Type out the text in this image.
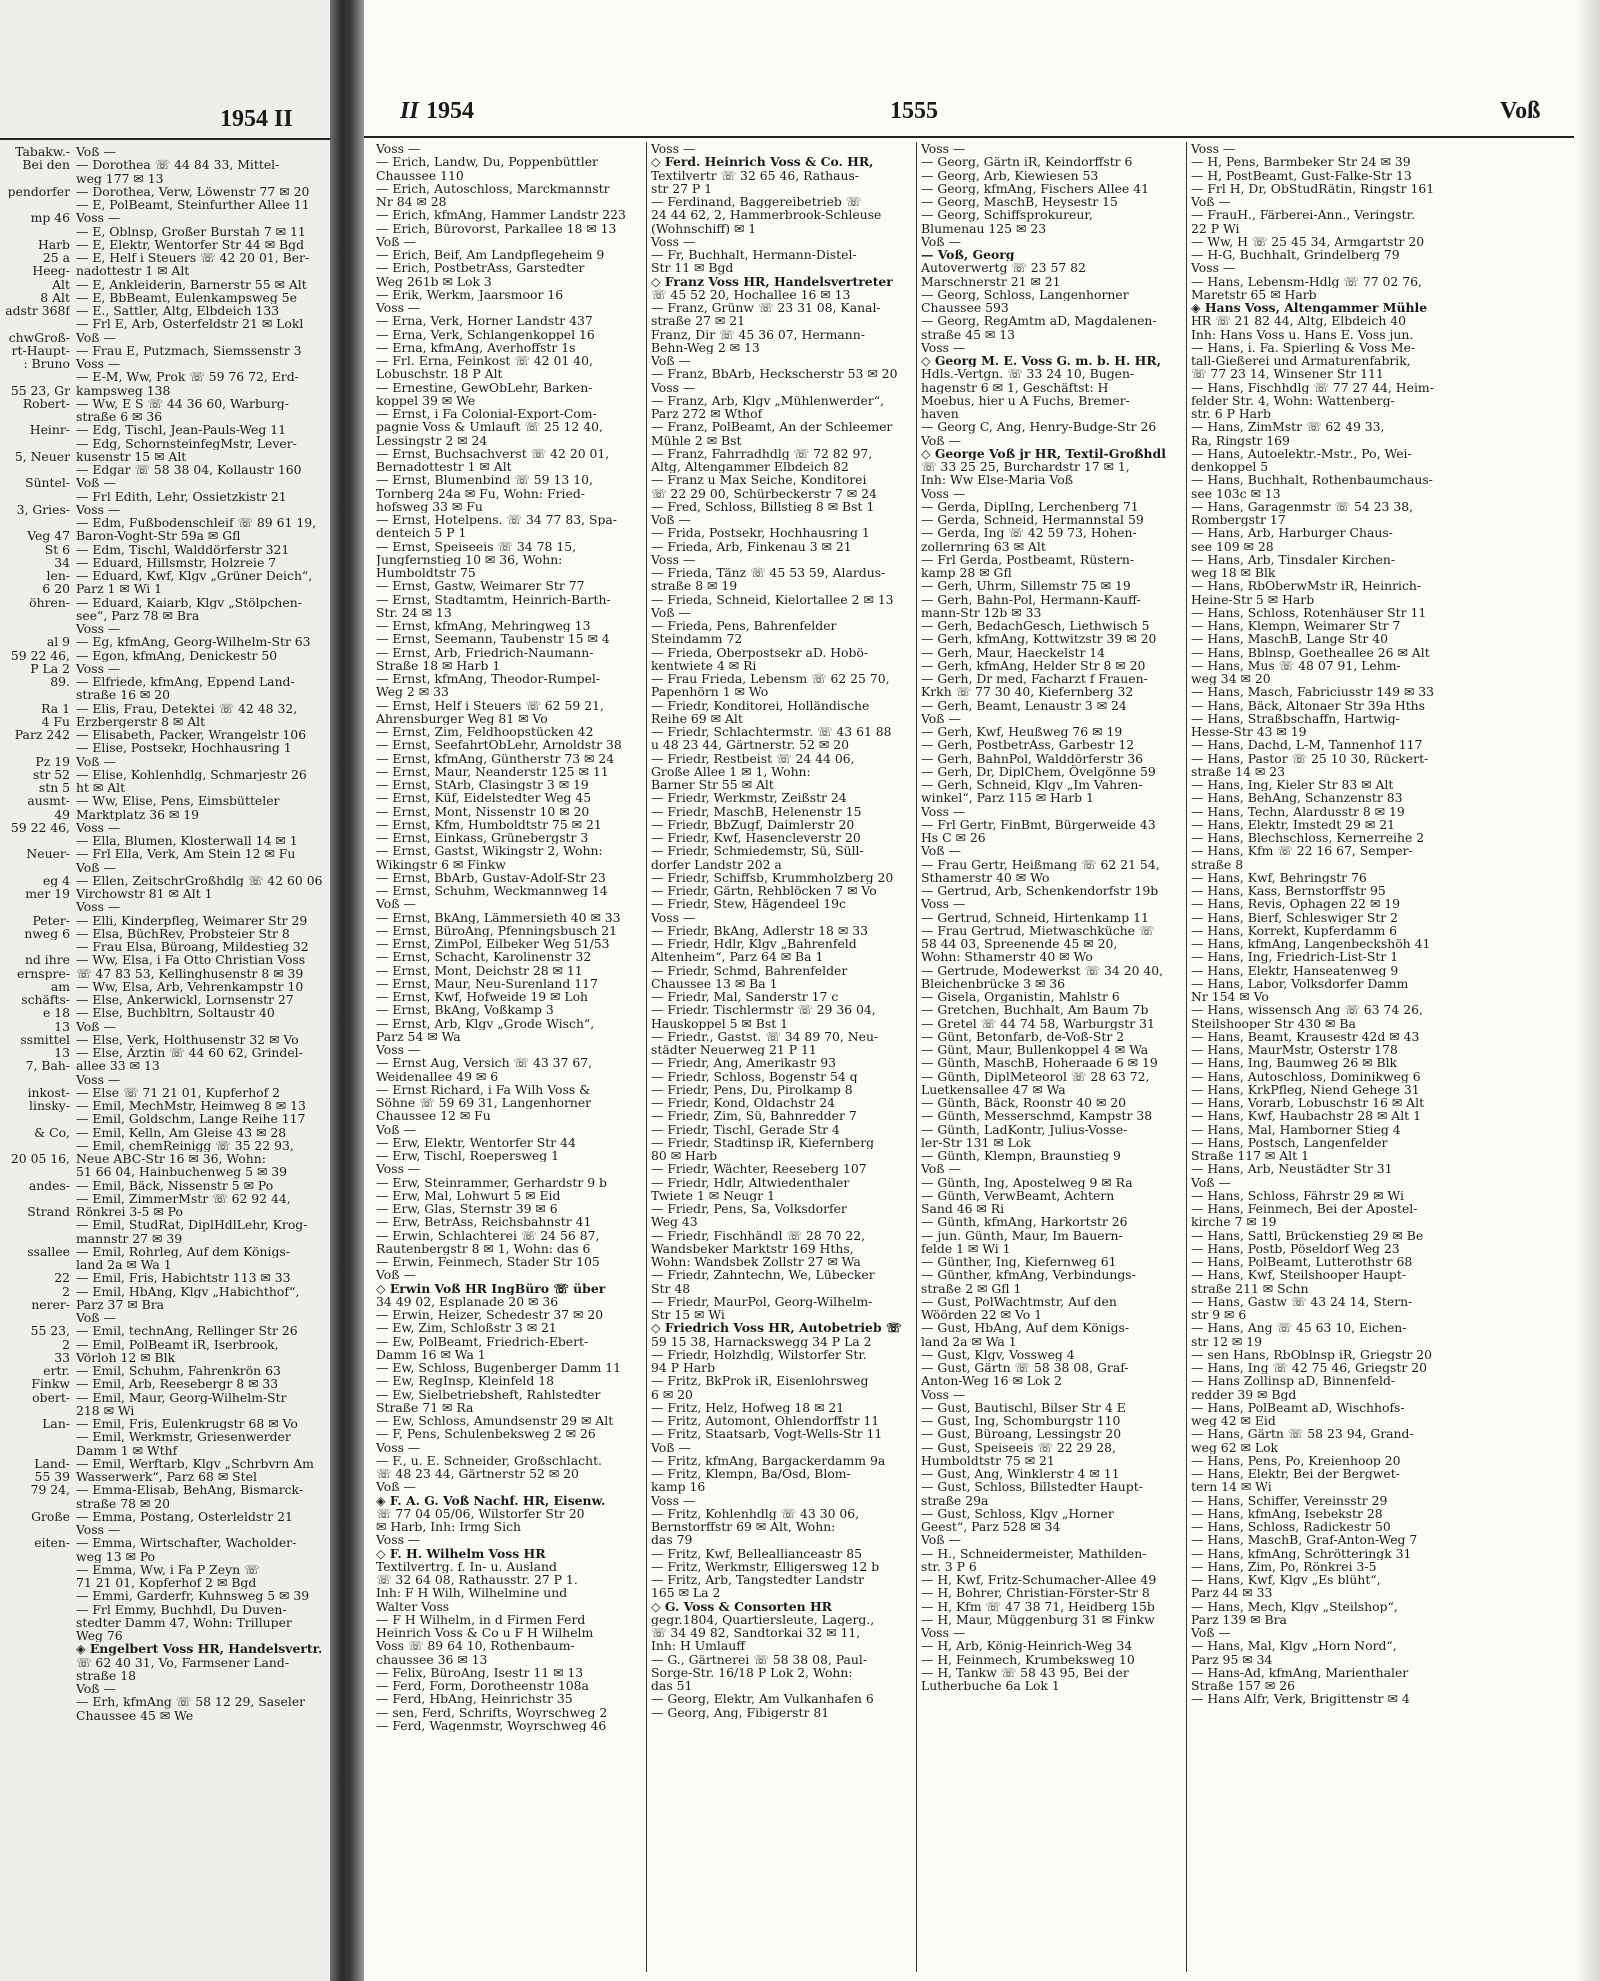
1954 II
Tabakw.-
Bei den

pendorfer

mp 46

Harb
25 a
Heeg-
Alt
8 Alt
adstr 368f

chwGroß-
rt-Haupt-
: Bruno

55 23, Gr
Robert-

Heinr-

5, Neuer

Süntel-

3, Gries-

Veg 47
St 6
34
len-
6 20
öhren-

al 9
59 22 46,
P La 2
89.

Ra 1
4 Fu
Parz 242

Pz 19
str 52
stn 5
ausmt-
49
59 22 46,

Neuer-

eg 4
mer 19

Peter-
nweg 6

nd ihre
ernspre-
am
schäfts-
e 18
13
ssmittel
13
7, Bah-

inkost-
linsky-

& Co,

20 05 16,

andes-

Strand

ssallee

22
2
nerer-

55 23,
2
33
ertr.
Finkw
obert-

Lan-

Land-
55 39
79 24,

Große

eiten-
Voß —
— Dorothea ☏ 44 84 33, Mittel-
weg 177 ✉ 13
— Dorothea, Verw, Löwenstr 77 ✉ 20
— E, PolBeamt, Steinfurther Allee 11
Voss —
— E, Oblnsp, Großer Burstah 7 ✉ 11
— E, Elektr, Wentorfer Str 44 ✉ Bgd
— E, Helf i Steuers ☏ 42 20 01, Ber-
nadottestr 1 ✉ Alt
— E, Ankleiderin, Barnerstr 55 ✉ Alt
— E, BbBeamt, Eulenkampsweg 5e
— E., Sattler, Altg, Elbdeich 133
— Frl E, Arb, Osterfeldstr 21 ✉ Lokl
Voß —
— Frau E, Putzmach, Siemssenstr 3
Voss —
— E-M, Ww, Prok ☏ 59 76 72, Erd-
kampsweg 138
— Ww, E S ☏ 44 36 60, Warburg-
straße 6 ✉ 36
— Edg, Tischl, Jean-Pauls-Weg 11
— Edg, SchornsteinfegMstr, Lever-
kusenstr 15 ✉ Alt
— Edgar ☏ 58 38 04, Kollaustr 160
Voß —
— Frl Edith, Lehr, Ossietzkistr 21
Voss —
— Edm, Fußbodenschleif ☏ 89 61 19,
Baron-Voght-Str 59a ✉ Gfl
— Edm, Tischl, Walddörferstr 321
— Eduard, Hillsmstr, Holzreie 7
— Eduard, Kwf, Klgv „Grüner Deich“,
Parz 1 ✉ Wi 1
— Eduard, Kaiarb, Klgv „Stölpchen-
see“, Parz 78 ✉ Bra
Voss —
— Eg, kfmAng, Georg-Wilhelm-Str 63
— Egon, kfmAng, Denickestr 50
Voss —
— Elfriede, kfmAng, Eppend Land-
straße 16 ✉ 20
— Elis, Frau, Detektei ☏ 42 48 32,
Erzbergerstr 8 ✉ Alt
— Elisabeth, Packer, Wrangelstr 106
— Elise, Postsekr, Hochhausring 1
Voß —
— Elise, Kohlenhdlg, Schmarjestr 26
ht ✉ Alt
— Ww, Elise, Pens, Eimsbütteler
Marktplatz 36 ✉ 19
Voss —
— Ella, Blumen, Klosterwall 14 ✉ 1
— Frl Ella, Verk, Am Stein 12 ✉ Fu
Voß —
— Ellen, ZeitschrGroßhdlg ☏ 42 60 06
Virchowstr 81 ✉ Alt 1
Voss —
— Elli, Kinderpfleg, Weimarer Str 29
— Elsa, BüchRev, Probsteier Str 8
— Frau Elsa, Büroang, Mildestieg 32
— Ww, Elsa, i Fa Otto Christian Voss
☏ 47 83 53, Kellinghusenstr 8 ✉ 39
— Ww, Elsa, Arb, Vehrenkampstr 10
— Else, Ankerwickl, Lornsenstr 27
— Else, Buchbltrn, Soltaustr 40
Voß —
— Else, Verk, Holthusenstr 32 ✉ Vo
— Else, Ärztin ☏ 44 60 62, Grindel-
allee 33 ✉ 13
Voss —
— Else ☏ 71 21 01, Kupferhof 2
— Emil, MechMstr, Heimweg 8 ✉ 13
— Emil, Goldschm, Lange Reihe 117
— Emil, Kelln, Am Gleise 43 ✉ 28
— Emil, chemReinigg ☏ 35 22 93,
Neue ABC-Str 16 ✉ 36, Wohn:
51 66 04, Hainbuchenweg 5 ✉ 39
— Emil, Bäck, Nissenstr 5 ✉ Po
— Emil, ZimmerMstr ☏ 62 92 44,
Rönkrei 3-5 ✉ Po
— Emil, StudRat, DiplHdlLehr, Krog-
mannstr 27 ✉ 39
— Emil, Rohrleg, Auf dem Königs-
land 2a ✉ Wa 1
— Emil, Fris, Habichtstr 113 ✉ 33
— Emil, HbAng, Klgv „Habichthof“,
Parz 37 ✉ Bra
Voß —
— Emil, technAng, Rellinger Str 26
— Emil, PolBeamt iR, Iserbrook,
Vörloh 12 ✉ Blk
— Emil, Schuhm, Fahrenkrön 63
— Emil, Arb, Reesebergr 8 ✉ 33
— Emil, Maur, Georg-Wilhelm-Str
218 ✉ Wi
— Emil, Fris, Eulenkrugstr 68 ✉ Vo
— Emil, Werkmstr, Griesenwerder
Damm 1 ✉ Wthf
— Emil, Werftarb, Klgv „Schrbvrn Am
Wasserwerk“, Parz 68 ✉ Stel
— Emma-Elisab, BehAng, Bismarck-
straße 78 ✉ 20
— Emma, Postang, Osterleldstr 21
Voss —
— Emma, Wirtschafter, Wacholder-
weg 13 ✉ Po
— Emma, Ww, i Fa P Zeyn ☏
71 21 01, Kopferhof 2 ✉ Bgd
— Emmi, Garderfr, Kuhnsweg 5 ✉ 39
— Frl Emmy, Buchhdl, Du Duven-
stedter Damm 47, Wohn: Trilluper
Weg 76
◈ Engelbert Voss HR, Handelsvertr.
☏ 62 40 31, Vo, Farmsener Land-
straße 18
Voß —
— Erh, kfmAng ☏ 58 12 29, Saseler
Chaussee 45 ✉ We
II 1954	1555	Voß
Voss —
— Erich, Landw, Du, Poppenbüttler
Chaussee 110
— Erich, Autoschloss, Marckmannstr
Nr 84 ✉ 28
— Erich, kfmAng, Hammer Landstr 223
— Erich, Bürovorst, Parkallee 18 ✉ 13
Voß —
— Erich, Beif, Am Landpflegeheim 9
— Erich, PostbetrAss, Garstedter
Weg 261b ✉ Lok 3
— Erik, Werkm, Jaarsmoor 16
Voss —
— Erna, Verk, Horner Landstr 437
— Erna, Verk, Schlangenkoppel 16
— Erna, kfmAng, Averhoffstr 1s
— Frl. Erna, Feinkost ☏ 42 01 40,
Lobuschstr. 18 P Alt
— Ernestine, GewObLehr, Barken-
koppel 39 ✉ We
— Ernst, i Fa Colonial-Export-Com-
pagnie Voss & Umlauft ☏ 25 12 40,
Lessingstr 2 ✉ 24
— Ernst, Buchsachverst ☏ 42 20 01,
Bernadottestr 1 ✉ Alt
— Ernst, Blumenbind ☏ 59 13 10,
Tornberg 24a ✉ Fu, Wohn: Fried-
hofsweg 33 ✉ Fu
— Ernst, Hotelpens. ☏ 34 77 83, Spa-
denteich 5 P 1
— Ernst, Speiseeis ☏ 34 78 15,
Jungfernstieg 10 ✉ 36, Wohn:
Humboldtstr 75
— Ernst, Gastw, Weimarer Str 77
— Ernst, Stadtamtm, Heinrich-Barth-
Str. 24 ✉ 13
— Ernst, kfmAng, Mehringweg 13
— Ernst, Seemann, Taubenstr 15 ✉ 4
— Ernst, Arb, Friedrich-Naumann-
Straße 18 ✉ Harb 1
— Ernst, kfmAng, Theodor-Rumpel-
Weg 2 ✉ 33
— Ernst, Helf i Steuers ☏ 62 59 21,
Ahrensburger Weg 81 ✉ Vo
— Ernst, Zim, Feldhoopstücken 42
— Ernst, SeefahrtObLehr, Arnoldstr 38
— Ernst, kfmAng, Güntherstr 73 ✉ 24
— Ernst, Maur, Neanderstr 125 ✉ 11
— Ernst, StArb, Clasingstr 3 ✉ 19
— Ernst, Küf, Eidelstedter Weg 45
— Ernst, Mont, Nissenstr 10 ✉ 20
— Ernst, Kfm, Humboldtstr 75 ✉ 21
— Ernst, Einkass, Grünebergstr 3
— Ernst, Gastst, Wikingstr 2, Wohn:
Wikingstr 6 ✉ Finkw
— Ernst, BbArb, Gustav-Adolf-Str 23
— Ernst, Schuhm, Weckmannweg 14
Voß —
— Ernst, BkAng, Lämmersieth 40 ✉ 33
— Ernst, BüroAng, Pfenningsbusch 21
— Ernst, ZimPol, Eilbeker Weg 51/53
— Ernst, Schacht, Karolinenstr 32
— Ernst, Mont, Deichstr 28 ✉ 11
— Ernst, Maur, Neu-Surenland 117
— Ernst, Kwf, Hofweide 19 ✉ Loh
— Ernst, BkAng, Voßkamp 3
— Ernst, Arb, Klgv „Grode Wisch“,
Parz 54 ✉ Wa
Voss —
— Ernst Aug, Versich ☏ 43 37 67,
Weidenallee 49 ✉ 6
— Ernst Richard, i Fa Wilh Voss &
Söhne ☏ 59 69 31, Langenhorner
Chaussee 12 ✉ Fu
Voß —
— Erw, Elektr, Wentorfer Str 44
— Erw, Tischl, Roepersweg 1
Voss —
— Erw, Steinrammer, Gerhardstr 9 b
— Erw, Mal, Lohwurt 5 ✉ Eid
— Erw, Glas, Sternstr 39 ✉ 6
— Erw, BetrAss, Reichsbahnstr 41
— Erwin, Schlachterei ☏ 24 56 87,
Rautenbergstr 8 ✉ 1, Wohn: das 6
— Erwin, Feinmech, Stader Str 105
Voß —
◇ Erwin Voß HR IngBüro ☏ über
34 49 02, Esplanade 20 ✉ 36
— Erwin, Heizer, Schedestr 37 ✉ 20
— Ew, Zim, Schloßstr 3 ✉ 21
— Ew, PolBeamt, Friedrich-Ebert-
Damm 16 ✉ Wa 1
— Ew, Schloss, Bugenberger Damm 11
— Ew, RegInsp, Kleinfeld 18
— Ew, Sielbetriebsheft, Rahlstedter
Straße 71 ✉ Ra
— Ew, Schloss, Amundsenstr 29 ✉ Alt
— F, Pens, Schulenbeksweg 2 ✉ 26
Voss —
— F., u. E. Schneider, Großschlacht.
☏ 48 23 44, Gärtnerstr 52 ✉ 20
Voß —
◈ F. A. G. Voß Nachf. HR, Eisenw.
☏ 77 04 05/06, Wilstorfer Str 20
✉ Harb, Inh: Irmg Sich
Voss —
◇ F. H. Wilhelm Voss HR
Textilvertrg. f. In- u. Ausland
☏ 32 64 08, Rathausstr. 27 P 1.
Inh: F H Wilh, Wilhelmine und
Walter Voss
— F H Wilhelm, in d Firmen Ferd
Heinrich Voss & Co u F H Wilhelm
Voss ☏ 89 64 10, Rothenbaum-
chaussee 36 ✉ 13
— Felix, BüroAng, Isestr 11 ✉ 13
— Ferd, Form, Dorotheenstr 108a
— Ferd, HbAng, Heinrichstr 35
— sen, Ferd, Schrifts, Woyrschweg 2
— Ferd, Wagenmstr, Woyrschweg 46
Voss —
◇ Ferd. Heinrich Voss & Co. HR,
Textilvertr ☏ 32 65 46, Rathaus-
str 27 P 1
— Ferdinand, Baggereibetrieb ☏
24 44 62, 2, Hammerbrook-Schleuse
(Wohnschiff) ✉ 1
Voss —
— Fr, Buchhalt, Hermann-Distel-
Str 11 ✉ Bgd
◇ Franz Voss HR, Handelsvertreter
☏ 45 52 20, Hochallee 16 ✉ 13
— Franz, Grünw ☏ 23 31 08, Kanal-
straße 27 ✉ 21
Franz, Dir ☏ 45 36 07, Hermann-
Behn-Weg 2 ✉ 13
Voß —
— Franz, BbArb, Heckscherstr 53 ✉ 20
Voss —
— Franz, Arb, Klgv „Mühlenwerder“,
Parz 272 ✉ Wthof
— Franz, PolBeamt, An der Schleemer
Mühle 2 ✉ Bst
— Franz, Fahrradhdlg ☏ 72 82 97,
Altg, Altengammer Elbdeich 82
— Franz u Max Seiche, Konditorei
☏ 22 29 00, Schürbeckerstr 7 ✉ 24
— Fred, Schloss, Billstieg 8 ✉ Bst 1
Voß —
— Frida, Postsekr, Hochhausring 1
— Frieda, Arb, Finkenau 3 ✉ 21
Voss —
— Frieda, Tänz ☏ 45 53 59, Alardus-
straße 8 ✉ 19
— Frieda, Schneid, Kielortallee 2 ✉ 13
Voß —
— Frieda, Pens, Bahrenfelder
Steindamm 72
— Frieda, Oberpostsekr aD. Hobö-
kentwiete 4 ✉ Ri
— Frau Frieda, Lebensm ☏ 62 25 70,
Papenhörn 1 ✉ Wo
— Friedr, Konditorei, Holländische
Reihe 69 ✉ Alt
— Friedr, Schlachtermstr. ☏ 43 61 88
u 48 23 44, Gärtnerstr. 52 ✉ 20
— Friedr, Restbeist ☏ 24 44 06,
Große Allee 1 ✉ 1, Wohn:
Barner Str 55 ✉ Alt
— Friedr, Werkmstr, Zeißstr 24
— Friedr, MaschB, Helenenstr 15
— Friedr, BbZugf, Daimlerstr 20
— Friedr, Kwf, Hasencleverstr 20
— Friedr, Schmiedemstr, Sü, Süll-
dorfer Landstr 202 a
— Friedr, Schiffsb, Krummholzberg 20
— Friedr, Gärtn, Rehblöcken 7 ✉ Vo
— Friedr, Stew, Hägendeel 19c
Voss —
— Friedr, BkAng, Adlerstr 18 ✉ 33
— Friedr, Hdlr, Klgv „Bahrenfeld
Altenheim“, Parz 64 ✉ Ba 1
— Friedr, Schmd, Bahrenfelder
Chaussee 13 ✉ Ba 1
— Friedr, Mal, Sanderstr 17 c
— Friedr. Tischlermstr ☏ 29 36 04,
Hauskoppel 5 ✉ Bst 1
— Friedr., Gastst. ☏ 34 89 70, Neu-
städter Neuerweg 21 P 11
— Friedr, Ang, Amerikastr 93
— Friedr, Schloss, Bogenstr 54 q
— Friedr, Pens, Du, Pirolkamp 8
— Friedr, Kond, Oldachstr 24
— Friedr, Zim, Sü, Bahnredder 7
— Friedr, Tischl, Gerade Str 4
— Friedr, Stadtinsp iR, Kiefernberg
80 ✉ Harb
— Friedr, Wächter, Reeseberg 107
— Friedr, Hdlr, Altwiedenthaler
Twiete 1 ✉ Neugr 1
— Friedr, Pens, Sa, Volksdorfer
Weg 43
— Friedr, Fischhändl ☏ 28 70 22,
Wandsbeker Marktstr 169 Hths,
Wohn: Wandsbek Zollstr 27 ✉ Wa
— Friedr, Zahntechn, We, Lübecker
Str 48
— Friedr, MaurPol, Georg-Wilhelm-
Str 15 ✉ Wi
◇ Friedrich Voss HR, Autobetrieb ☏
59 15 38, Harnackswegg 34 P La 2
— Friedr, Holzhdlg, Wilstorfer Str.
94 P Harb
— Fritz, BkProk iR, Eisenlohrsweg
6 ✉ 20
— Fritz, Helz, Hofweg 18 ✉ 21
— Fritz, Automont, Ohlendorffstr 11
— Fritz, Staatsarb, Vogt-Wells-Str 11
Voß —
— Fritz, kfmAng, Bargackerdamm 9a
— Fritz, Klempn, Ba/Osd, Blom-
kamp 16
Voss —
— Fritz, Kohlenhdlg ☏ 43 30 06,
Bernstorffstr 69 ✉ Alt, Wohn:
das 79
— Fritz, Kwf, Belleallianceastr 85
— Fritz, Werkmstr, Elligersweg 12 b
— Fritz, Arb, Tangstedter Landstr
165 ✉ La 2
◇ G. Voss & Consorten HR
gegr.1804, Quartiersleute, Lagerg.,
☏ 34 49 82, Sandtorkai 32 ✉ 11,
Inh: H Umlauff
— G., Gärtnerei ☏ 58 38 08, Paul-
Sorge-Str. 16/18 P Lok 2, Wohn:
das 51
— Georg, Elektr, Am Vulkanhafen 6
— Georg, Ang, Fibigerstr 81
Voss —
— Georg, Gärtn iR, Keindorffstr 6
— Georg, Arb, Kiewiesen 53
— Georg, kfmAng, Fischers Allee 41
— Georg, MaschB, Heysestr 15
— Georg, Schiffsprokureur,
Blumenau 125 ✉ 23
Voß —
— Voß, Georg
Autoverwertg ☏ 23 57 82
Marschnerstr 21 ✉ 21
— Georg, Schloss, Langenhorner
Chaussee 593
— Georg, RegAmtm aD, Magdalenen-
straße 45 ✉ 13
Voss —
◇ Georg M. E. Voss G. m. b. H. HR,
Hdls.-Vertgn. ☏ 33 24 10, Bugen-
hagenstr 6 ✉ 1, Geschäftst: H
Moebus, hier u A Fuchs, Bremer-
haven
— Georg C, Ang, Henry-Budge-Str 26
Voß —
◇ George Voß jr HR, Textil-Großhdl
☏ 33 25 25, Burchardstr 17 ✉ 1,
Inh: Ww Else-Maria Voß
Voss —
— Gerda, DiplIng, Lerchenberg 71
— Gerda, Schneid, Hermannstal 59
— Gerda, Ing ☏ 42 59 73, Hohen-
zollernring 63 ✉ Alt
— Frl Gerda, Postbeamt, Rüstern-
kamp 28 ✉ Gfl
— Gerh, Uhrm, Sillemstr 75 ✉ 19
— Gerh, Bahn-Pol, Hermann-Kauff-
mann-Str 12b ✉ 33
— Gerh, BedachGesch, Liethwisch 5
— Gerh, kfmAng, Kottwitzstr 39 ✉ 20
— Gerh, Maur, Haeckelstr 14
— Gerh, kfmAng, Helder Str 8 ✉ 20
— Gerh, Dr med, Facharzt f Frauen-
Krkh ☏ 77 30 40, Kiefernberg 32
— Gerh, Beamt, Lenaustr 3 ✉ 24
Voß —
— Gerh, Kwf, Heußweg 76 ✉ 19
— Gerh, PostbetrAss, Garbestr 12
— Gerh, BahnPol, Walddörferstr 36
— Gerh, Dr, DiplChem, Övelgönne 59
— Gerh, Schneid, Klgv „Im Vahren-
winkel“, Parz 115 ✉ Harb 1
Voss —
— Frl Gertr, FinBmt, Bürgerweide 43
Hs C ✉ 26
Voß —
— Frau Gertr, Heißmang ☏ 62 21 54,
Sthamerstr 40 ✉ Wo
— Gertrud, Arb, Schenkendorfstr 19b
Voss —
— Gertrud, Schneid, Hirtenkamp 11
— Frau Gertrud, Mietwaschküche ☏
58 44 03, Spreenende 45 ✉ 20,
Wohn: Sthamerstr 40 ✉ Wo
— Gertrude, Modewerkst ☏ 34 20 40,
Bleichenbrücke 3 ✉ 36
— Gisela, Organistin, Mahlstr 6
— Gretchen, Buchhalt, Am Baum 7b
— Gretel ☏ 44 74 58, Warburgstr 31
— Günt, Betonfarb, de-Voß-Str 2
— Günt, Maur, Bullenkoppel 4 ✉ Wa
— Günth, MaschB, Hoheraade 6 ✉ 19
— Günth, DiplMeteorol ☏ 28 63 72,
Luetkensallee 47 ✉ Wa
— Günth, Bäck, Roonstr 40 ✉ 20
— Günth, Messerschmd, Kampstr 38
— Günth, LadKontr, Julius-Vosse-
ler-Str 131 ✉ Lok
— Günth, Klempn, Braunstieg 9
Voß —
— Günth, Ing, Apostelweg 9 ✉ Ra
— Günth, VerwBeamt, Achtern
Sand 46 ✉ Ri
— Günth, kfmAng, Harkortstr 26
— jun. Günth, Maur, Im Bauern-
felde 1 ✉ Wi 1
— Günther, Ing, Kiefernweg 61
— Günther, kfmAng, Verbindungs-
straße 2 ✉ Gfl 1
— Gust, PolWachtmstr, Auf den
Wöörden 22 ✉ Vo 1
— Gust, HbAng, Auf dem Königs-
land 2a ✉ Wa 1
— Gust, Klgv, Vossweg 4
— Gust, Gärtn ☏ 58 38 08, Graf-
Anton-Weg 16 ✉ Lok 2
Voss —
— Gust, Bautischl, Bilser Str 4 E
— Gust, Ing, Schomburgstr 110
— Gust, Büroang, Lessingstr 20
— Gust, Speiseeis ☏ 22 29 28,
Humboldtstr 75 ✉ 21
— Gust, Ang, Winklerstr 4 ✉ 11
— Gust, Schloss, Billstedter Haupt-
straße 29a
— Gust, Schloss, Klgv „Horner
Geest“, Parz 528 ✉ 34
Voß —
— H., Schneidermeister, Mathilden-
str. 3 P 6
— H, Kwf, Fritz-Schumacher-Allee 49
— H, Bohrer, Christian-Förster-Str 8
— H, Kfm ☏ 47 38 71, Heidberg 15b
— H, Maur, Müggenburg 31 ✉ Finkw
Voss —
— H, Arb, König-Heinrich-Weg 34
— H, Feinmech, Krumbeksweg 10
— H, Tankw ☏ 58 43 95, Bei der
Lutherbuche 6a Lok 1
Voss —
— H, Pens, Barmbeker Str 24 ✉ 39
— H, PostBeamt, Gust-Falke-Str 13
— Frl H, Dr, ObStudRätin, Ringstr 161
Voß —
— FrauH., Färberei-Ann., Veringstr.
22 P Wi
— Ww, H ☏ 25 45 34, Armgartstr 20
— H-G, Buchhalt, Grindelberg 79
Voss —
— Hans, Lebensm-Hdlg ☏ 77 02 76,
Maretstr 65 ✉ Harb
◈ Hans Voss, Altengammer Mühle
HR ☏ 21 82 44, Altg, Elbdeich 40
Inh: Hans Voss u. Hans E. Voss jun.
— Hans, i. Fa. Spierling & Voss Me-
tall-Gießerei und Armaturenfabrik,
☏ 77 23 14, Winsener Str 111
— Hans, Fischhdlg ☏ 77 27 44, Heim-
felder Str. 4, Wohn: Wattenberg-
str. 6 P Harb
— Hans, ZimMstr ☏ 62 49 33,
Ra, Ringstr 169
— Hans, Autoelektr.-Mstr., Po, Wei-
denkoppel 5
— Hans, Buchhalt, Rothenbaumchaus-
see 103c ✉ 13
— Hans, Garagenmstr ☏ 54 23 38,
Rombergstr 17
— Hans, Arb, Harburger Chaus-
see 109 ✉ 28
— Hans, Arb, Tinsdaler Kirchen-
weg 18 ✉ Blk
— Hans, RbOberwMstr iR, Heinrich-
Heine-Str 5 ✉ Harb
— Hans, Schloss, Rotenhäuser Str 11
— Hans, Klempn, Weimarer Str 7
— Hans, MaschB, Lange Str 40
— Hans, Bblnsp, Goetheallee 26 ✉ Alt
— Hans, Mus ☏ 48 07 91, Lehm-
weg 34 ✉ 20
— Hans, Masch, Fabriciusstr 149 ✉ 33
— Hans, Bäck, Altonaer Str 39a Hths
— Hans, Straßbschaffn, Hartwig-
Hesse-Str 43 ✉ 19
— Hans, Dachd, L-M, Tannenhof 117
— Hans, Pastor ☏ 25 10 30, Rückert-
straße 14 ✉ 23
— Hans, Ing, Kieler Str 83 ✉ Alt
— Hans, BehAng, Schanzenstr 83
— Hans, Techn, Alardusstr 8 ✉ 19
— Hans, Elektr, Imstedt 29 ✉ 21
— Hans, Blechschloss, Kernerreihe 2
— Hans, Kfm ☏ 22 16 67, Semper-
straße 8
— Hans, Kwf, Behringstr 76
— Hans, Kass, Bernstorffstr 95
— Hans, Revis, Ophagen 22 ✉ 19
— Hans, Bierf, Schleswiger Str 2
— Hans, Korrekt, Kupferdamm 6
— Hans, kfmAng, Langenbeckshöh 41
— Hans, Ing, Friedrich-List-Str 1
— Hans, Elektr, Hanseatenweg 9
— Hans, Labor, Volksdorfer Damm
Nr 154 ✉ Vo
— Hans, wissensch Ang ☏ 63 74 26,
Steilshooper Str 430 ✉ Ba
— Hans, Beamt, Krausestr 42d ✉ 43
— Hans, MaurMstr, Osterstr 178
— Hans, Ing, Baumweg 26 ✉ Blk
— Hans, Autoschloss, Dominikweg 6
— Hans, KrkPfleg, Niend Gehege 31
— Hans, Vorarb, Lobuschstr 16 ✉ Alt
— Hans, Kwf, Haubachstr 28 ✉ Alt 1
— Hans, Mal, Hamborner Stieg 4
— Hans, Postsch, Langenfelder
Straße 117 ✉ Alt 1
— Hans, Arb, Neustädter Str 31
Voß —
— Hans, Schloss, Fährstr 29 ✉ Wi
— Hans, Feinmech, Bei der Apostel-
kirche 7 ✉ 19
— Hans, Sattl, Brückenstieg 29 ✉ Be
— Hans, Postb, Pöseldorf Weg 23
— Hans, PolBeamt, Lutterothstr 68
— Hans, Kwf, Steilshooper Haupt-
straße 211 ✉ Schn
— Hans, Gastw ☏ 43 24 14, Stern-
str 9 ✉ 6
— Hans, Ang ☏ 45 63 10, Eichen-
str 12 ✉ 19
— sen Hans, RbOblnsp iR, Griegstr 20
— Hans, Ing ☏ 42 75 46, Griegstr 20
— Hans Zollinsp aD, Binnenfeld-
redder 39 ✉ Bgd
— Hans, PolBeamt aD, Wischhofs-
weg 42 ✉ Eid
— Hans, Gärtn ☏ 58 23 94, Grand-
weg 62 ✉ Lok
— Hans, Pens, Po, Kreienhoop 20
— Hans, Elektr, Bei der Bergwet-
tern 14 ✉ Wi
— Hans, Schiffer, Vereinsstr 29
— Hans, kfmAng, Isebekstr 28
— Hans, Schloss, Radickestr 50
— Hans, MaschB, Graf-Anton-Weg 7
— Hans, kfmAng, Schrötteringk 31
— Hans, Zim, Po, Rönkrei 3-5
— Hans, Kwf, Klgv „Es blüht“,
Parz 44 ✉ 33
— Hans, Mech, Klgv „Steilshop“,
Parz 139 ✉ Bra
Voß —
— Hans, Mal, Klgv „Horn Nord“,
Parz 95 ✉ 34
— Hans-Ad, kfmAng, Marienthaler
Straße 157 ✉ 26
— Hans Alfr, Verk, Brigittenstr ✉ 4
